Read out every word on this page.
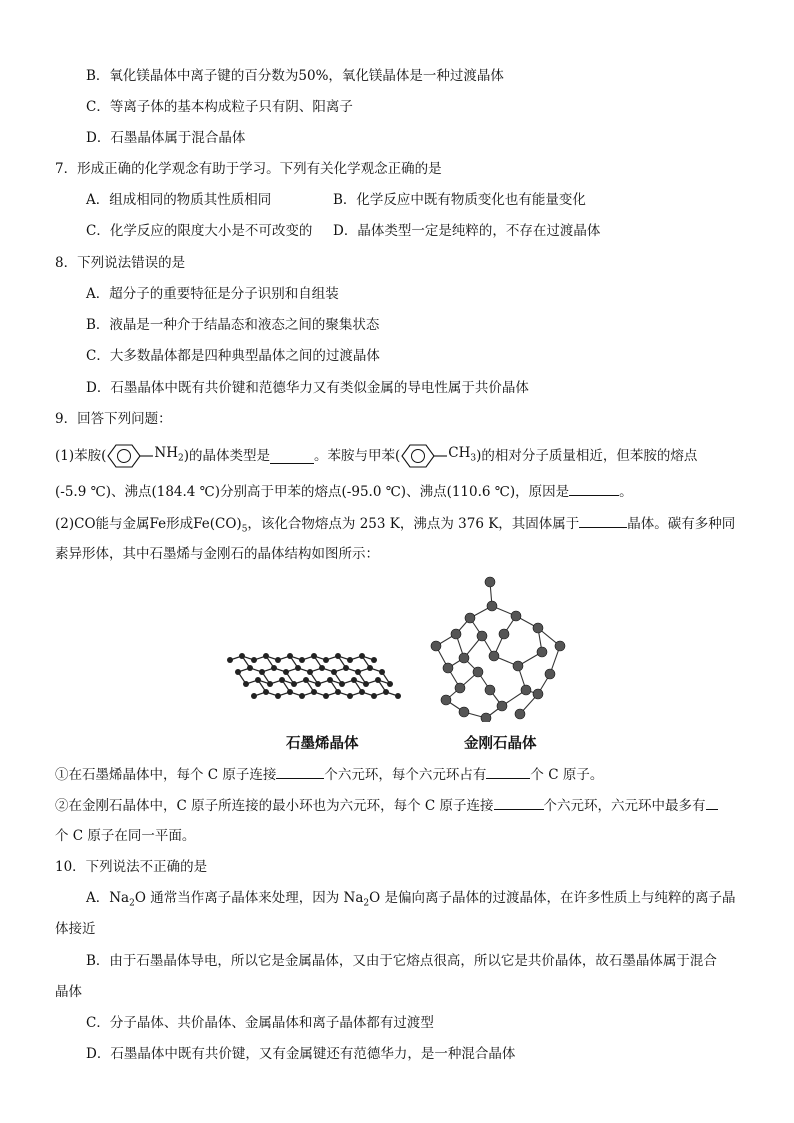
B．氧化镁晶体中离子键的百分数为50%，氧化镁晶体是一种过渡晶体
C．等离子体的基本构成粒子只有阴、阳离子
D．石墨晶体属于混合晶体
7．形成正确的化学观念有助于学习。下列有关化学观念正确的是
A．组成相同的物质其性质相同	B．化学反应中既有物质变化也有能量变化
C．化学反应的限度大小是不可改变的 D．晶体类型一定是纯粹的，不存在过渡晶体
8．下列说法错误的是
A．超分子的重要特征是分子识别和自组装
B．液晶是一种介于结晶态和液态之间的聚集状态
C．大多数晶体都是四种典型晶体之间的过渡晶体
D．石墨晶体中既有共价键和范德华力又有类似金属的导电性属于共价晶体
9．回答下列问题：
(1)苯胺(	$NH_2$ )的晶体类型是	。苯胺与甲苯(	$CH_3$ )的相对分子质量相近，但苯胺的熔点
(-5.9 ℃)、沸点(184.4 ℃)分别高于甲苯的熔点(-95.0 ℃)、沸点(110.6 ℃)，原因是	。
(2)CO能与金属Fe形成$Fe(CO)_5$，该化合物熔点为 253 K，沸点为 376 K，其固体属于	晶体。碳有多种同
素异形体，其中石墨烯与金刚石的晶体结构如图所示：
石墨烯晶体	金刚石晶体
①在石墨烯晶体中，每个 C 原子连接	个六元环，每个六元环占有	个 C 原子。
②在金刚石晶体中，C 原子所连接的最小环也为六元环，每个 C 原子连接	个六元环，六元环中最多有
个 C 原子在同一平面。
10．下列说法不正确的是
A．$Na_2O$ 通常当作离子晶体来处理，因为 $Na_2O$ 是偏向离子晶体的过渡晶体，在许多性质上与纯粹的离子晶
体接近
B．由于石墨晶体导电，所以它是金属晶体，又由于它熔点很高，所以它是共价晶体，故石墨晶体属于混合
晶体
C．分子晶体、共价晶体、金属晶体和离子晶体都有过渡型
D．石墨晶体中既有共价键，又有金属键还有范德华力，是一种混合晶体
